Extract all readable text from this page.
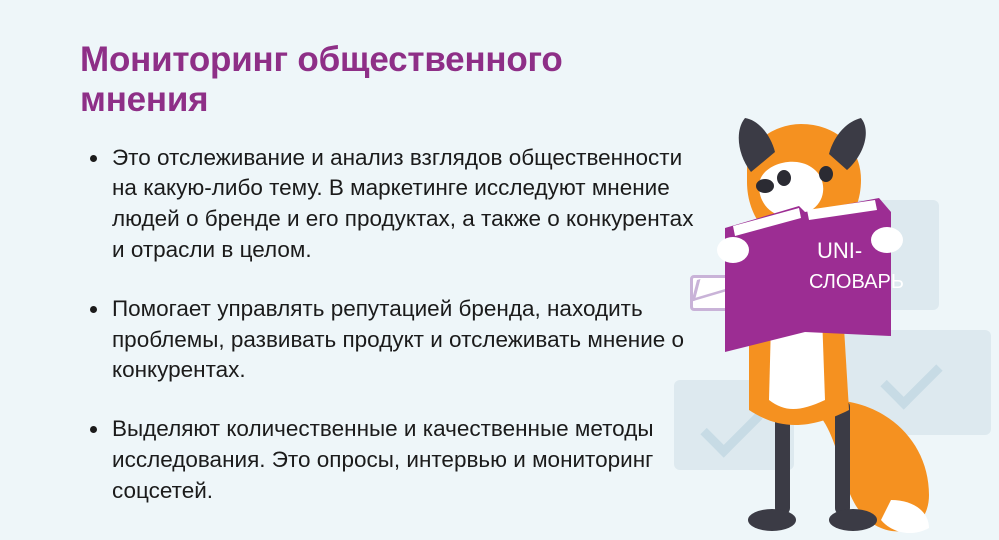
Мониторинг общественного мнения
Это отслеживание и анализ взглядов общественности на какую-либо тему. В маркетинге исследуют мнение людей о бренде и его продуктах, а также о конкурентах и отрасли в целом.
Помогает управлять репутацией бренда, находить проблемы, развивать продукт и отслеживать мнение о конкурентах.
Выделяют количественные и качественные методы исследования. Это опросы, интервью и мониторинг соцсетей.
UNI-
СЛОВАРЬ
